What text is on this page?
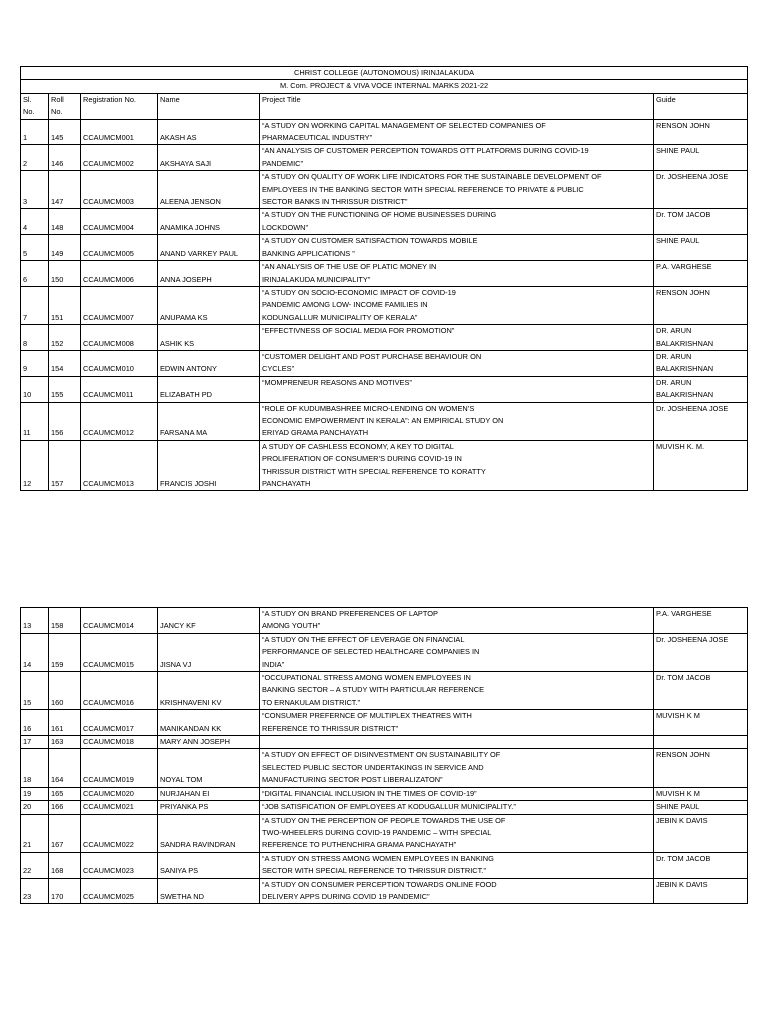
CHRIST COLLEGE (AUTONOMOUS) IRINJALAKUDA					
M. Com. PROJECT & VIVA VOCE INTERNAL MARKS 2021-22					

Sl.
No.	Roll
No.	Registration No.	Name	Project Title	Guide
1	145	CCAUMCM001	AKASH AS	“A STUDY ON WORKING CAPITAL MANAGEMENT OF SELECTED COMPANIES OF
PHARMACEUTICAL INDUSTRY”	RENSON JOHN

2	146	CCAUMCM002	AKSHAYA SAJI	“AN ANALYSIS OF CUSTOMER PERCEPTION TOWARDS OTT PLATFORMS DURING COVID-19
PANDEMIC”	SHINE PAUL

3	147	CCAUMCM003	ALEENA JENSON	“A STUDY ON QUALITY OF WORK LIFE INDICATORS FOR THE SUSTAINABLE DEVELOPMENT OF
EMPLOYEES IN THE BANKING SECTOR WITH SPECIAL REFERENCE TO PRIVATE & PUBLIC
SECTOR BANKS IN THRISSUR DISTRICT”	Dr. JOSHEENA JOSE

4	148	CCAUMCM004	ANAMIKA JOHNS	“A STUDY ON THE FUNCTIONING OF HOME BUSINESSES DURING
LOCKDOWN”	Dr. TOM JACOB

5	149	CCAUMCM005	ANAND VARKEY PAUL	“A STUDY ON CUSTOMER SATISFACTION TOWARDS MOBILE
BANKING APPLICATIONS ”	SHINE PAUL

6	150	CCAUMCM006	ANNA JOSEPH	“AN ANALYSIS OF THE USE OF PLATIC MONEY IN
IRINJALAKUDA MUNICIPALITY”	P.A. VARGHESE

7	151	CCAUMCM007	ANUPAMA KS	“A STUDY ON SOCIO-ECONOMIC IMPACT OF COVID-19
PANDEMIC AMONG LOW- INCOME FAMILIES IN
KODUNGALLUR MUNICIPALITY OF KERALA”	RENSON JOHN

8	152	CCAUMCM008	ASHIK KS	“EFFECTIVNESS OF SOCIAL MEDIA FOR PROMOTION”	DR. ARUN
BALAKRISHNAN

9	154	CCAUMCM010	EDWIN ANTONY	“CUSTOMER DELIGHT AND POST PURCHASE BEHAVIOUR ON
CYCLES”	DR. ARUN
BALAKRISHNAN

10	155	CCAUMCM011	ELIZABATH PD	“MOMPRENEUR REASONS AND MOTIVES”	DR. ARUN
BALAKRISHNAN

11	156	CCAUMCM012	FARSANA MA	“ROLE OF KUDUMBASHREE MICRO-LENDING ON WOMEN’S
ECONOMIC EMPOWERMENT IN KERALA”: AN EMPIRICAL STUDY ON
ERIYAD GRAMA PANCHAYATH	Dr. JOSHEENA JOSE

12	157	CCAUMCM013	FRANCIS JOSHI	A STUDY OF CASHLESS ECONOMY, A KEY TO DIGITAL
PROLIFERATION OF CONSUMER’S DURING COVID-19 IN
THRISSUR DISTRICT WITH SPECIAL REFERENCE TO KORATTY
PANCHAYATH	MUVISH K. M.
13	158	CCAUMCM014	JANCY KF	“A STUDY ON BRAND PREFERENCES OF LAPTOP
AMONG YOUTH”	P.A. VARGHESE

14	159	CCAUMCM015	JISNA VJ	“A STUDY ON THE EFFECT OF LEVERAGE ON FINANCIAL
PERFORMANCE OF SELECTED HEALTHCARE COMPANIES IN
INDIA”	Dr. JOSHEENA JOSE

15	160	CCAUMCM016	KRISHNAVENI KV	“OCCUPATIONAL STRESS AMONG WOMEN EMPLOYEES IN
BANKING SECTOR – A STUDY WITH PARTICULAR REFERENCE
TO ERNAKULAM DISTRICT.”	Dr. TOM JACOB

16	161	CCAUMCM017	MANIKANDAN KK	“CONSUMER PREFERNCE OF MULTIPLEX THEATRES WITH
REFERENCE TO THRISSUR DISTRICT”	MUVISH K M

17	163	CCAUMCM018	MARY ANN JOSEPH	

18	164	CCAUMCM019	NOYAL TOM	“A STUDY ON EFFECT OF DISINVESTMENT ON SUSTAINABILITY OF
SELECTED PUBLIC SECTOR UNDERTAKINGS IN SERVICE AND
MANUFACTURING SECTOR POST LIBERALIZATON”	RENSON JOHN

19	165	CCAUMCM020	NURJAHAN EI	“DIGITAL FINANCIAL INCLUSION IN THE TIMES OF COVID-19”	MUVISH K M

20	166	CCAUMCM021	PRIYANKA PS	“JOB SATISFICATION OF EMPLOYEES AT KODUGALLUR MUNICIPALITY.”	SHINE PAUL

21	167	CCAUMCM022	SANDRA RAVINDRAN	“A STUDY ON THE PERCEPTION OF PEOPLE TOWARDS THE USE OF
TWO-WHEELERS DURING COVID-19 PANDEMIC – WITH SPECIAL
REFERENCE TO PUTHENCHIRA GRAMA PANCHAYATH”	JEBIN K DAVIS

22	168	CCAUMCM023	SANIYA PS	“A STUDY ON STRESS AMONG WOMEN EMPLOYEES IN BANKING
SECTOR WITH SPECIAL REFERENCE TO THRISSUR DISTRICT.”	Dr. TOM JACOB

23	170	CCAUMCM025	SWETHA ND	“A STUDY ON CONSUMER PERCEPTION TOWARDS ONLINE FOOD
DELIVERY APPS DURING COVID 19 PANDEMIC”	JEBIN K DAVIS
